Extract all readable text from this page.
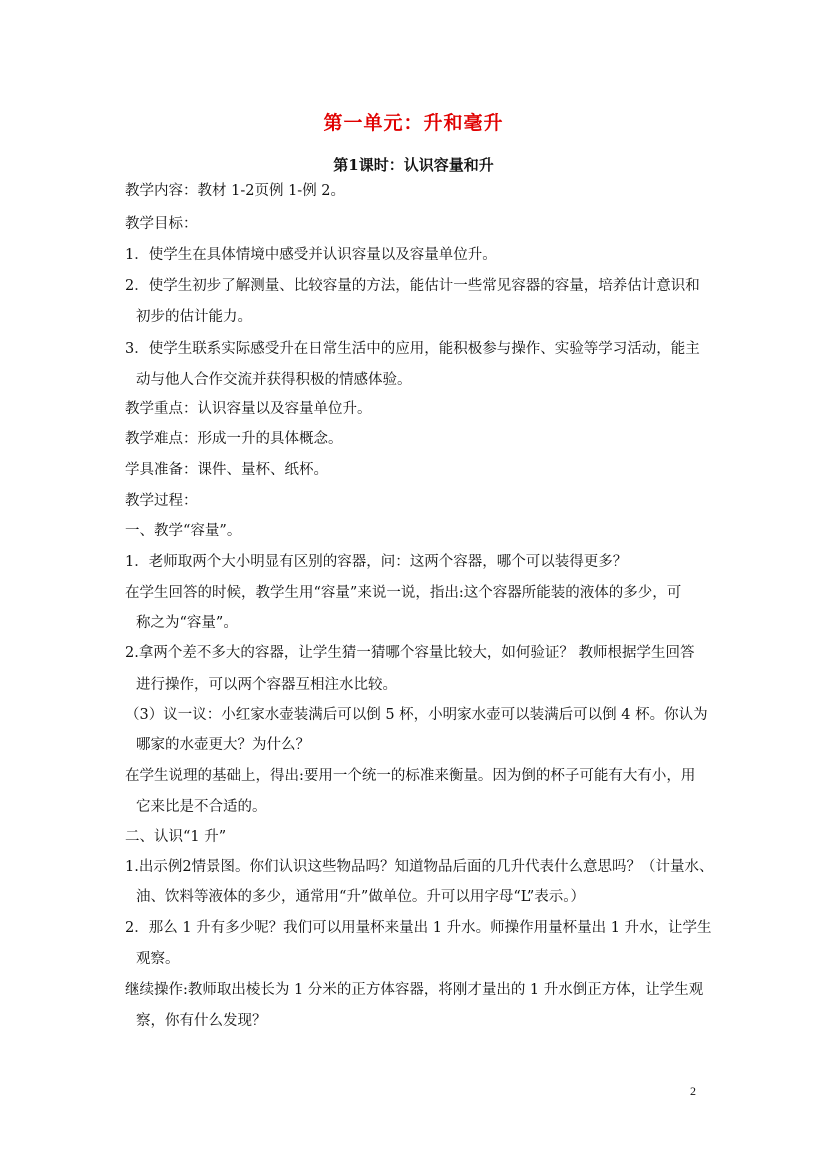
第一单元：升和毫升
第1课时：认识容量和升
教学内容：教材 1-2页例 1-例 2。
教学目标：
1．使学生在具体情境中感受并认识容量以及容量单位升。
2．使学生初步了解测量、比较容量的方法，能估计一些常见容器的容量，培养估计意识和
初步的估计能力。
3．使学生联系实际感受升在日常生活中的应用，能积极参与操作、实验等学习活动，能主
动与他人合作交流并获得积极的情感体验。
教学重点：认识容量以及容量单位升。
教学难点：形成一升的具体概念。
学具准备：课件、量杯、纸杯。
教学过程：
一、教学“容量”。
1．老师取两个大小明显有区别的容器，问：这两个容器，哪个可以装得更多？
在学生回答的时候，教学生用“容量”来说一说，指出:这个容器所能装的液体的多少，可
称之为“容量”。
2.拿两个差不多大的容器，让学生猜一猜哪个容量比较大，如何验证？ 教师根据学生回答
进行操作，可以两个容器互相注水比较。
（3）议一议：小红家水壶装满后可以倒 5 杯，小明家水壶可以装满后可以倒 4 杯。你认为
哪家的水壶更大？为什么？
在学生说理的基础上，得出:要用一个统一的标准来衡量。因为倒的杯子可能有大有小，用
它来比是不合适的。
二、认识“1 升”
1.出示例2情景图。你们认识这些物品吗？知道物品后面的几升代表什么意思吗？（计量水、
油、饮料等液体的多少，通常用“升”做单位。升可以用字母“L”表示。）
2．那么 1 升有多少呢？我们可以用量杯来量出 1 升水。师操作用量杯量出 1 升水，让学生
观察。
继续操作:教师取出棱长为 1 分米的正方体容器，将刚才量出的 1 升水倒正方体，让学生观
察，你有什么发现？
2
